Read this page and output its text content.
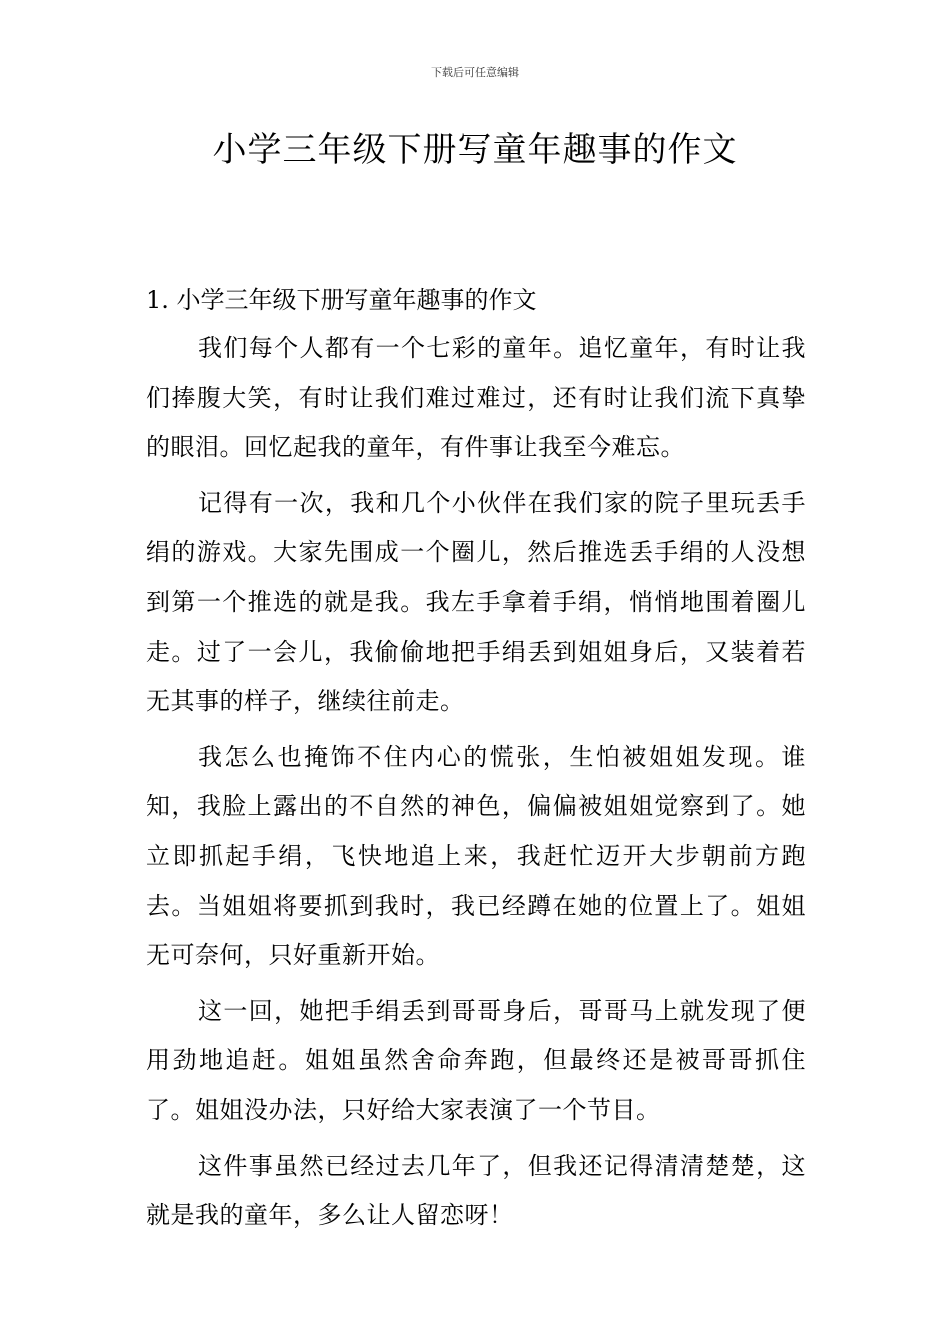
下载后可任意编辑
小学三年级下册写童年趣事的作文

1. 小学三年级下册写童年趣事的作文

我们每个人都有一个七彩的童年。追忆童年，有时让我们捧腹大笑，有时让我们难过难过，还有时让我们流下真挚的眼泪。回忆起我的童年，有件事让我至今难忘。

记得有一次，我和几个小伙伴在我们家的院子里玩丢手绢的游戏。大家先围成一个圈儿，然后推选丢手绢的人没想到第一个推选的就是我。我左手拿着手绢，悄悄地围着圈儿走。过了一会儿，我偷偷地把手绢丢到姐姐身后，又装着若无其事的样子，继续往前走。

我怎么也掩饰不住内心的慌张，生怕被姐姐发现。谁知，我脸上露出的不自然的神色，偏偏被姐姐觉察到了。她立即抓起手绢，飞快地追上来，我赶忙迈开大步朝前方跑去。当姐姐将要抓到我时，我已经蹲在她的位置上了。姐姐无可奈何，只好重新开始。

这一回，她把手绢丢到哥哥身后，哥哥马上就发现了便用劲地追赶。姐姐虽然舍命奔跑，但最终还是被哥哥抓住了。姐姐没办法，只好给大家表演了一个节目。

这件事虽然已经过去几年了，但我还记得清清楚楚，这就是我的童年，多么让人留恋呀！
